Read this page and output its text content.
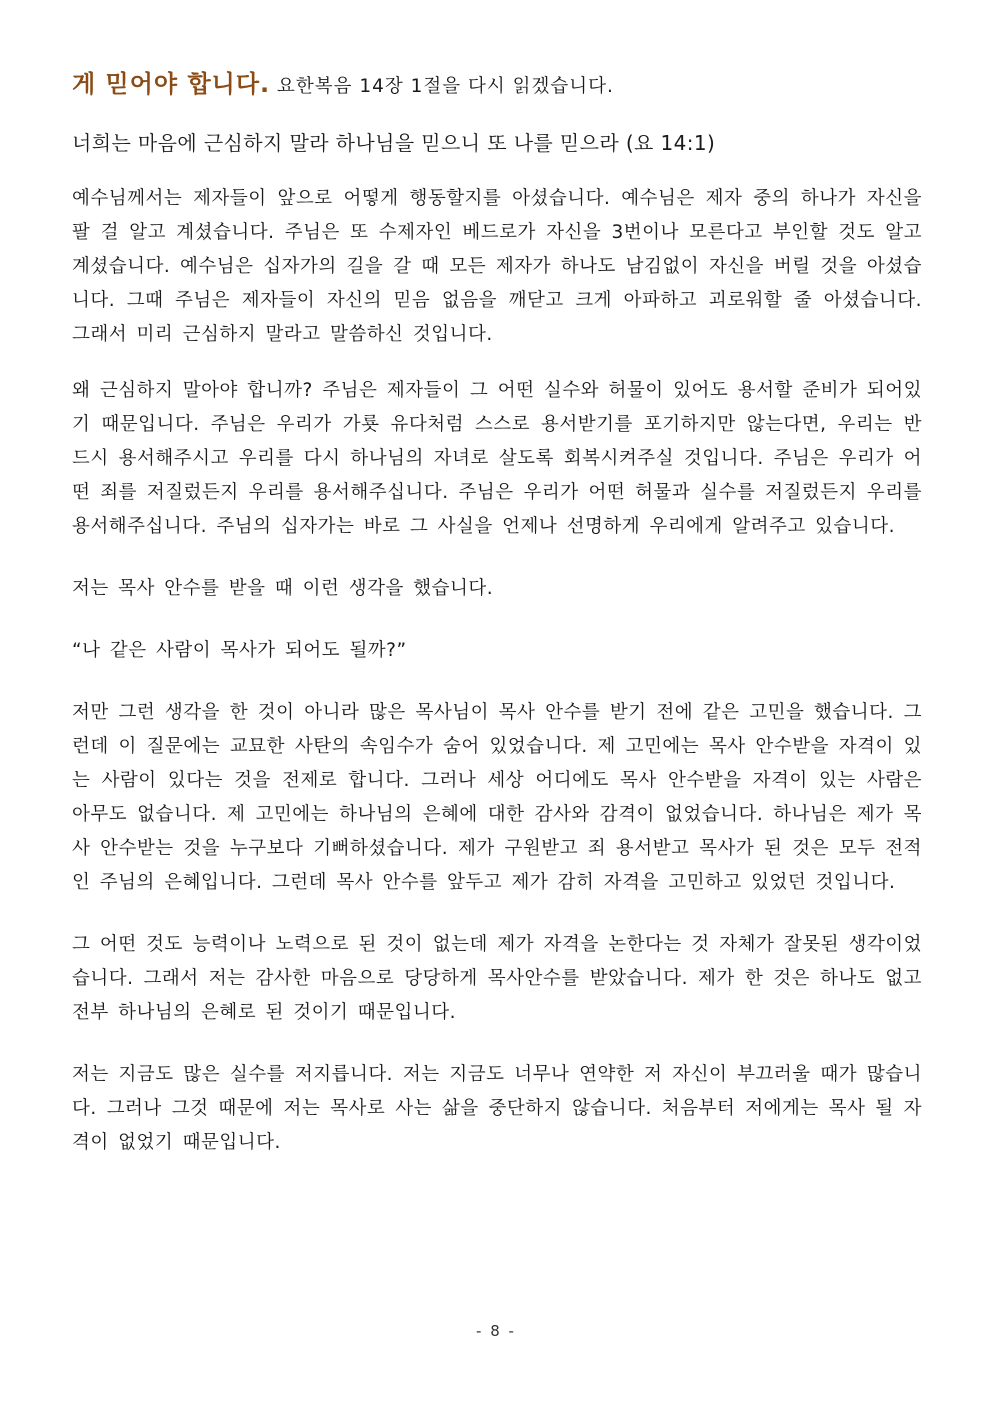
게 믿어야 합니다. 요한복음 14장 1절을 다시 읽겠습니다.

너희는 마음에 근심하지 말라 하나님을 믿으니 또 나를 믿으라 (요 14:1)

예수님께서는 제자들이 앞으로 어떻게 행동할지를 아셨습니다. 예수님은 제자 중의 하나가 자신을 팔 걸 알고 계셨습니다. 주님은 또 수제자인 베드로가 자신을 3번이나 모른다고 부인할 것도 알고 계셨습니다. 예수님은 십자가의 길을 갈 때 모든 제자가 하나도 남김없이 자신을 버릴 것을 아셨습니다. 그때 주님은 제자들이 자신의 믿음 없음을 깨닫고 크게 아파하고 괴로워할 줄 아셨습니다. 그래서 미리 근심하지 말라고 말씀하신 것입니다.

왜 근심하지 말아야 합니까? 주님은 제자들이 그 어떤 실수와 허물이 있어도 용서할 준비가 되어있기 때문입니다. 주님은 우리가 가룟 유다처럼 스스로 용서받기를 포기하지만 않는다면, 우리는 반드시 용서해주시고 우리를 다시 하나님의 자녀로 살도록 회복시켜주실 것입니다. 주님은 우리가 어떤 죄를 저질렀든지 우리를 용서해주십니다. 주님은 우리가 어떤 허물과 실수를 저질렀든지 우리를 용서해주십니다. 주님의 십자가는 바로 그 사실을 언제나 선명하게 우리에게 알려주고 있습니다.

저는 목사 안수를 받을 때 이런 생각을 했습니다.

“나 같은 사람이 목사가 되어도 될까?”

저만 그런 생각을 한 것이 아니라 많은 목사님이 목사 안수를 받기 전에 같은 고민을 했습니다. 그런데 이 질문에는 교묘한 사탄의 속임수가 숨어 있었습니다. 제 고민에는 목사 안수받을 자격이 있는 사람이 있다는 것을 전제로 합니다. 그러나 세상 어디에도 목사 안수받을 자격이 있는 사람은 아무도 없습니다. 제 고민에는 하나님의 은혜에 대한 감사와 감격이 없었습니다. 하나님은 제가 목사 안수받는 것을 누구보다 기뻐하셨습니다. 제가 구원받고 죄 용서받고 목사가 된 것은 모두 전적인 주님의 은혜입니다. 그런데 목사 안수를 앞두고 제가 감히 자격을 고민하고 있었던 것입니다.

그 어떤 것도 능력이나 노력으로 된 것이 없는데 제가 자격을 논한다는 것 자체가 잘못된 생각이었습니다. 그래서 저는 감사한 마음으로 당당하게 목사안수를 받았습니다. 제가 한 것은 하나도 없고 전부 하나님의 은혜로 된 것이기 때문입니다.

저는 지금도 많은 실수를 저지릅니다. 저는 지금도 너무나 연약한 저 자신이 부끄러울 때가 많습니다. 그러나 그것 때문에 저는 목사로 사는 삶을 중단하지 않습니다. 처음부터 저에게는 목사 될 자격이 없었기 때문입니다.

- 8 -
